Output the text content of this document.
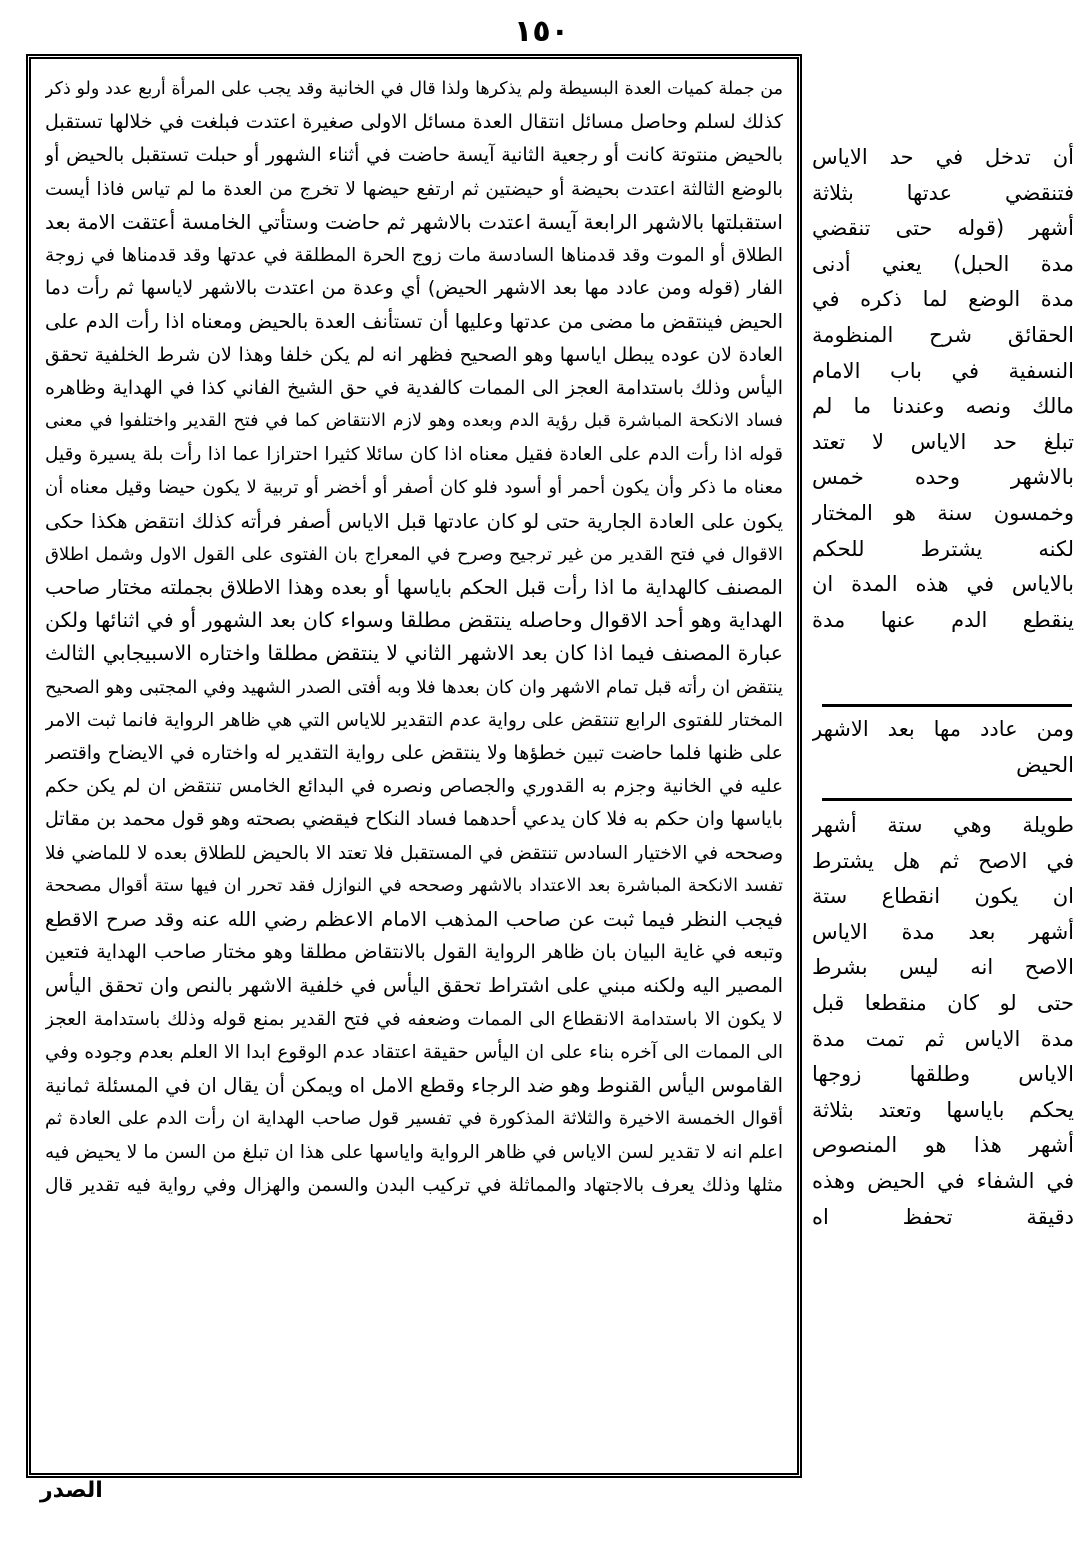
١٥٠
من جملة كميات العدة البسيطة ولم يذكرها ولذا قال في الخانية وقد يجب على المرأة أربع عدد ولو ذكر
كذلك لسلم وحاصل مسائل انتقال العدة مسائل الاولى صغيرة اعتدت فبلغت في خلالها تستقبل
بالحيض منتوتة كانت أو رجعية الثانية آيسة حاضت في أثناء الشهور أو حبلت تستقبل بالحيض أو
بالوضع الثالثة اعتدت بحيضة أو حيضتين ثم ارتفع حيضها لا تخرج من العدة ما لم تياس فاذا أيست
استقبلتها بالاشهر الرابعة آيسة اعتدت بالاشهر ثم حاضت وستأتي الخامسة أعتقت الامة بعد
الطلاق أو الموت وقد قدمناها السادسة مات زوج الحرة المطلقة في عدتها وقد قدمناها في زوجة
الفار (قوله ومن عادد مها بعد الاشهر الحيض) أي وعدة من اعتدت بالاشهر لاياسها ثم رأت دما
الحيض فينتقض ما مضى من عدتها وعليها أن تستأنف العدة بالحيض ومعناه اذا رأت الدم على
العادة لان عوده يبطل اياسها وهو الصحيح فظهر انه لم يكن خلفا وهذا لان شرط الخلفية تحقق
اليأس وذلك باستدامة العجز الى الممات كالفدية في حق الشيخ الفاني كذا في الهداية وظاهره
فساد الانكحة المباشرة قبل رؤية الدم وبعده وهو لازم الانتقاض كما في فتح القدير واختلفوا في معنى
قوله اذا رأت الدم على العادة فقيل معناه اذا كان سائلا كثيرا احترازا عما اذا رأت بلة يسيرة وقيل
معناه ما ذكر وأن يكون أحمر أو أسود فلو كان أصفر أو أخضر أو تربية لا يكون حيضا وقيل معناه أن
يكون على العادة الجارية حتى لو كان عادتها قبل الاياس أصفر فرأته كذلك انتقض هكذا حكى
الاقوال في فتح القدير من غير ترجيح وصرح في المعراج بان الفتوى على القول الاول وشمل اطلاق
المصنف كالهداية ما اذا رأت قبل الحكم باياسها أو بعده وهذا الاطلاق بجملته مختار صاحب
الهداية وهو أحد الاقوال وحاصله ينتقض مطلقا وسواء كان بعد الشهور أو في اثنائها ولكن
عبارة المصنف فيما اذا كان بعد الاشهر الثاني لا ينتقض مطلقا واختاره الاسبيجابي الثالث
ينتقض ان رأته قبل تمام الاشهر وان كان بعدها فلا وبه أفتى الصدر الشهيد وفي المجتبى وهو الصحيح
المختار للفتوى الرابع تنتقض على رواية عدم التقدير للاياس التي هي ظاهر الرواية فانما ثبت الامر
على ظنها فلما حاضت تبين خطؤها ولا ينتقض على رواية التقدير له واختاره في الايضاح واقتصر
عليه في الخانية وجزم به القدوري والجصاص ونصره في البدائع الخامس تنتقض ان لم يكن حكم
باياسها وان حكم به فلا كان يدعي أحدهما فساد النكاح فيقضي بصحته وهو قول محمد بن مقاتل
وصححه في الاختيار السادس تنتقض في المستقبل فلا تعتد الا بالحيض للطلاق بعده لا للماضي فلا
تفسد الانكحة المباشرة بعد الاعتداد بالاشهر وصححه في النوازل فقد تحرر ان فيها ستة أقوال مصححة
فيجب النظر فيما ثبت عن صاحب المذهب الامام الاعظم رضي الله عنه وقد صرح الاقطع
وتبعه في غاية البيان بان ظاهر الرواية القول بالانتقاض مطلقا وهو مختار صاحب الهداية فتعين
المصير اليه ولكنه مبني على اشتراط تحقق اليأس في خلفية الاشهر بالنص وان تحقق اليأس
لا يكون الا باستدامة الانقطاع الى الممات وضعفه في فتح القدير بمنع قوله وذلك باستدامة العجز
الى الممات الى آخره بناء على ان اليأس حقيقة اعتقاد عدم الوقوع ابدا الا العلم بعدم وجوده وفي
القاموس اليأس القنوط وهو ضد الرجاء وقطع الامل اه ويمكن أن يقال ان في المسئلة ثمانية
أقوال الخمسة الاخيرة والثلاثة المذكورة في تفسير قول صاحب الهداية ان رأت الدم على العادة ثم
اعلم انه لا تقدير لسن الاياس في ظاهر الرواية واياسها على هذا ان تبلغ من السن ما لا يحيض فيه
مثلها وذلك يعرف بالاجتهاد والمماثلة في تركيب البدن والسمن والهزال وفي رواية فيه تقدير قال
أن تدخل في حد الاياس
فتنقضي عدتها بثلاثة
أشهر (قوله حتى تنقضي
مدة الحبل) يعني أدنى
مدة الوضع لما ذكره في
الحقائق شرح المنظومة
النسفية في باب الامام
مالك ونصه وعندنا ما لم
تبلغ حد الاياس لا تعتد
بالاشهر وحده خمس
وخمسون سنة هو المختار
لكنه يشترط للحكم
بالاياس في هذه المدة ان
ينقطع الدم عنها مدة
ومن عادد مها بعد الاشهر
الحيض
طويلة وهي ستة أشهر
في الاصح ثم هل يشترط
ان يكون انقطاع ستة
أشهر بعد مدة الاياس
الاصح انه ليس بشرط
حتى لو كان منقطعا قبل
مدة الاياس ثم تمت مدة
الاياس وطلقها زوجها
يحكم باياسها وتعتد بثلاثة
أشهر هذا هو المنصوص
في الشفاء في الحيض وهذه
دقيقة تحفظ اه
الصدر
